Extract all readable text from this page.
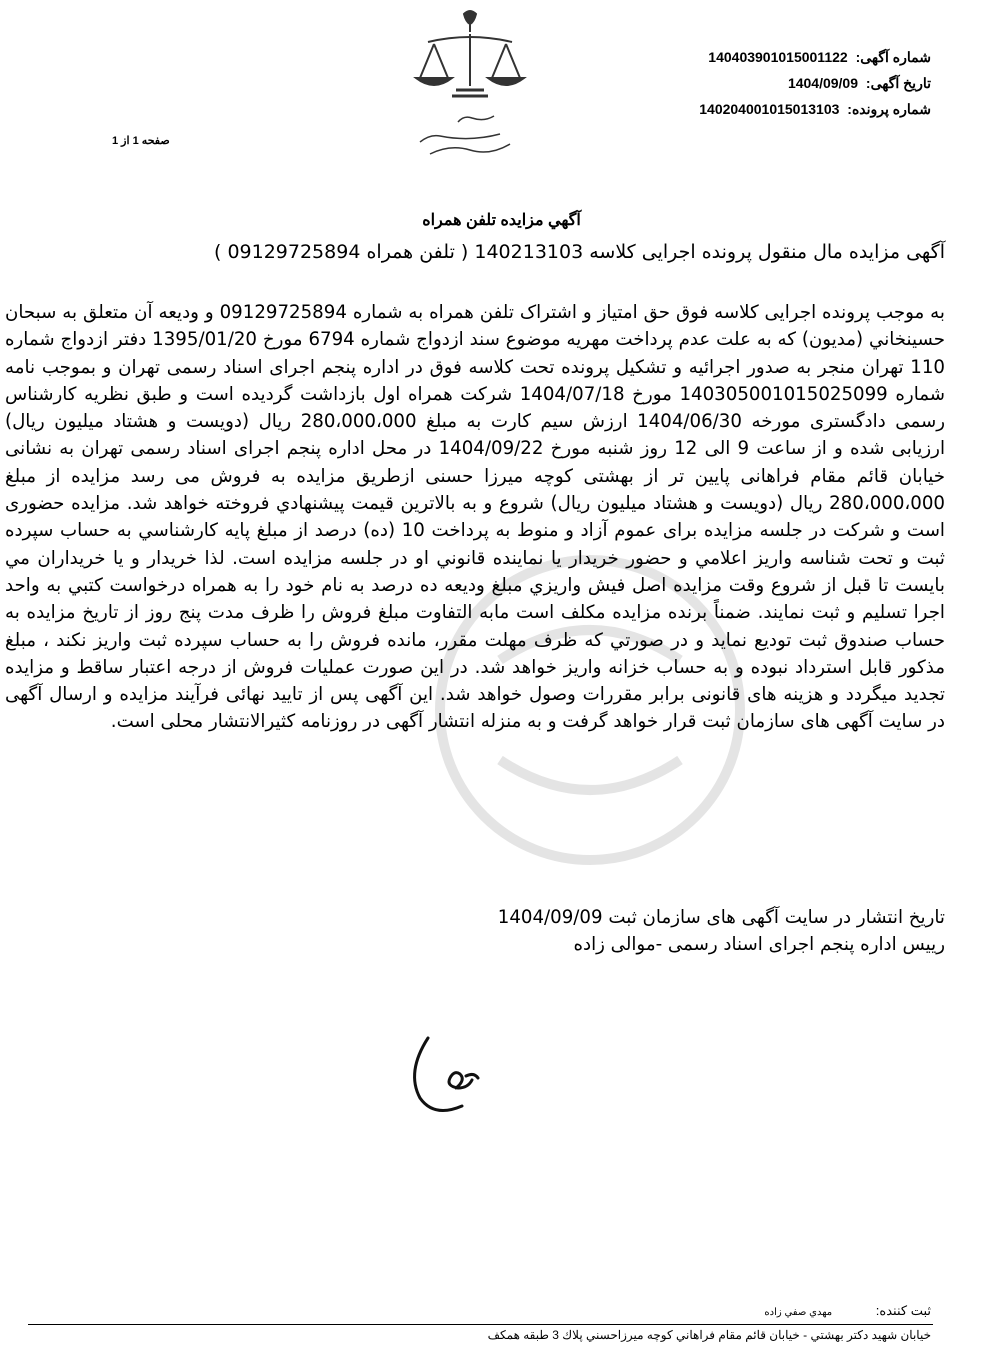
شماره آگهی: 140403901015001122
تاریخ آگهی: 1404/09/09
شماره پرونده: 140204001015013103
صفحه 1 از 1
آگهي مزايده تلفن همراه
آگهی مزایده مال منقول پرونده اجرایی کلاسه 140213103 ( تلفن همراه 09129725894 )

به موجب پرونده اجرایی کلاسه فوق حق امتیاز و اشتراک تلفن همراه به شماره 09129725894 و ودیعه آن متعلق به سبحان حسينخاني (مدیون) که به علت عدم پرداخت مهریه موضوع سند ازدواج شماره 6794 مورخ 1395/01/20 دفتر ازدواج شماره 110 تهران منجر به صدور اجرائیه و تشکیل پرونده تحت کلاسه فوق در اداره پنجم اجرای اسناد رسمی تهران و بموجب نامه شماره 140305001015025099 مورخ 1404/07/18 شرکت همراه اول بازداشت گردیده است و طبق نظریه کارشناس رسمی دادگستری مورخه 1404/06/30 ارزش سیم کارت به مبلغ 280،000،000 ریال (دویست و هشتاد میلیون ریال) ارزیابی شده و از ساعت 9 الی 12 روز شنبه مورخ 1404/09/22 در محل اداره پنجم اجرای اسناد رسمی تهران به نشانی خیابان قائم مقام فراهانی پایین تر از بهشتی کوچه میرزا حسنی ازطریق مزایده به فروش می رسد مزایده از مبلغ 280،000،000 ریال (دویست و هشتاد میلیون ریال) شروع و به بالاترين قيمت پيشنهادي فروخته خواهد شد. مزایده حضوری است و شرکت در جلسه مزایده برای عموم آزاد و منوط به پرداخت 10 (ده) درصد از مبلغ پايه كارشناسي به حساب سپرده ثبت و تحت شناسه واريز اعلامي و حضور خريدار يا نماينده قانوني او در جلسه مزايده است. لذا خريدار و يا خريداران مي بايست تا قبل از شروع وقت مزايده اصل فيش واريزي مبلغ وديعه ده درصد به نام خود را به همراه درخواست كتبي به واحد اجرا تسليم و ثبت نمايند. ضمناً برنده مزايده مكلف است مابه التفاوت مبلغ فروش را ظرف مدت پنج روز از تاريخ مزايده به حساب صندوق ثبت توديع نمايد و در صورتي كه ظرف مهلت مقرر، مانده فروش را به حساب سپرده ثبت واريز نكند ، مبلغ مذكور قابل استرداد نبوده و به حساب خزانه واريز خواهد شد. در اين صورت عمليات فروش از درجه اعتبار ساقط و مزايده تجديد ميگردد و هزينه های قانونی برابر مقررات وصول خواهد شد. این آگهی پس از تایید نهائی فرآیند مزایده و ارسال آگهی در سایت آگهی های سازمان ثبت قرار خواهد گرفت و به منزله انتشار آگهی در روزنامه کثیرالانتشار محلی است.

تاریخ انتشار در سایت آگهی های سازمان ثبت 1404/09/09
رییس اداره پنجم اجرای اسناد رسمی -موالی زاده
ثبت كننده: مهدي صفي زاده
خيابان شهيد دكتر بهشتي - خيابان قائم مقام فراهاني كوچه ميرزاحسني پلاك 3 طبقه همكف
